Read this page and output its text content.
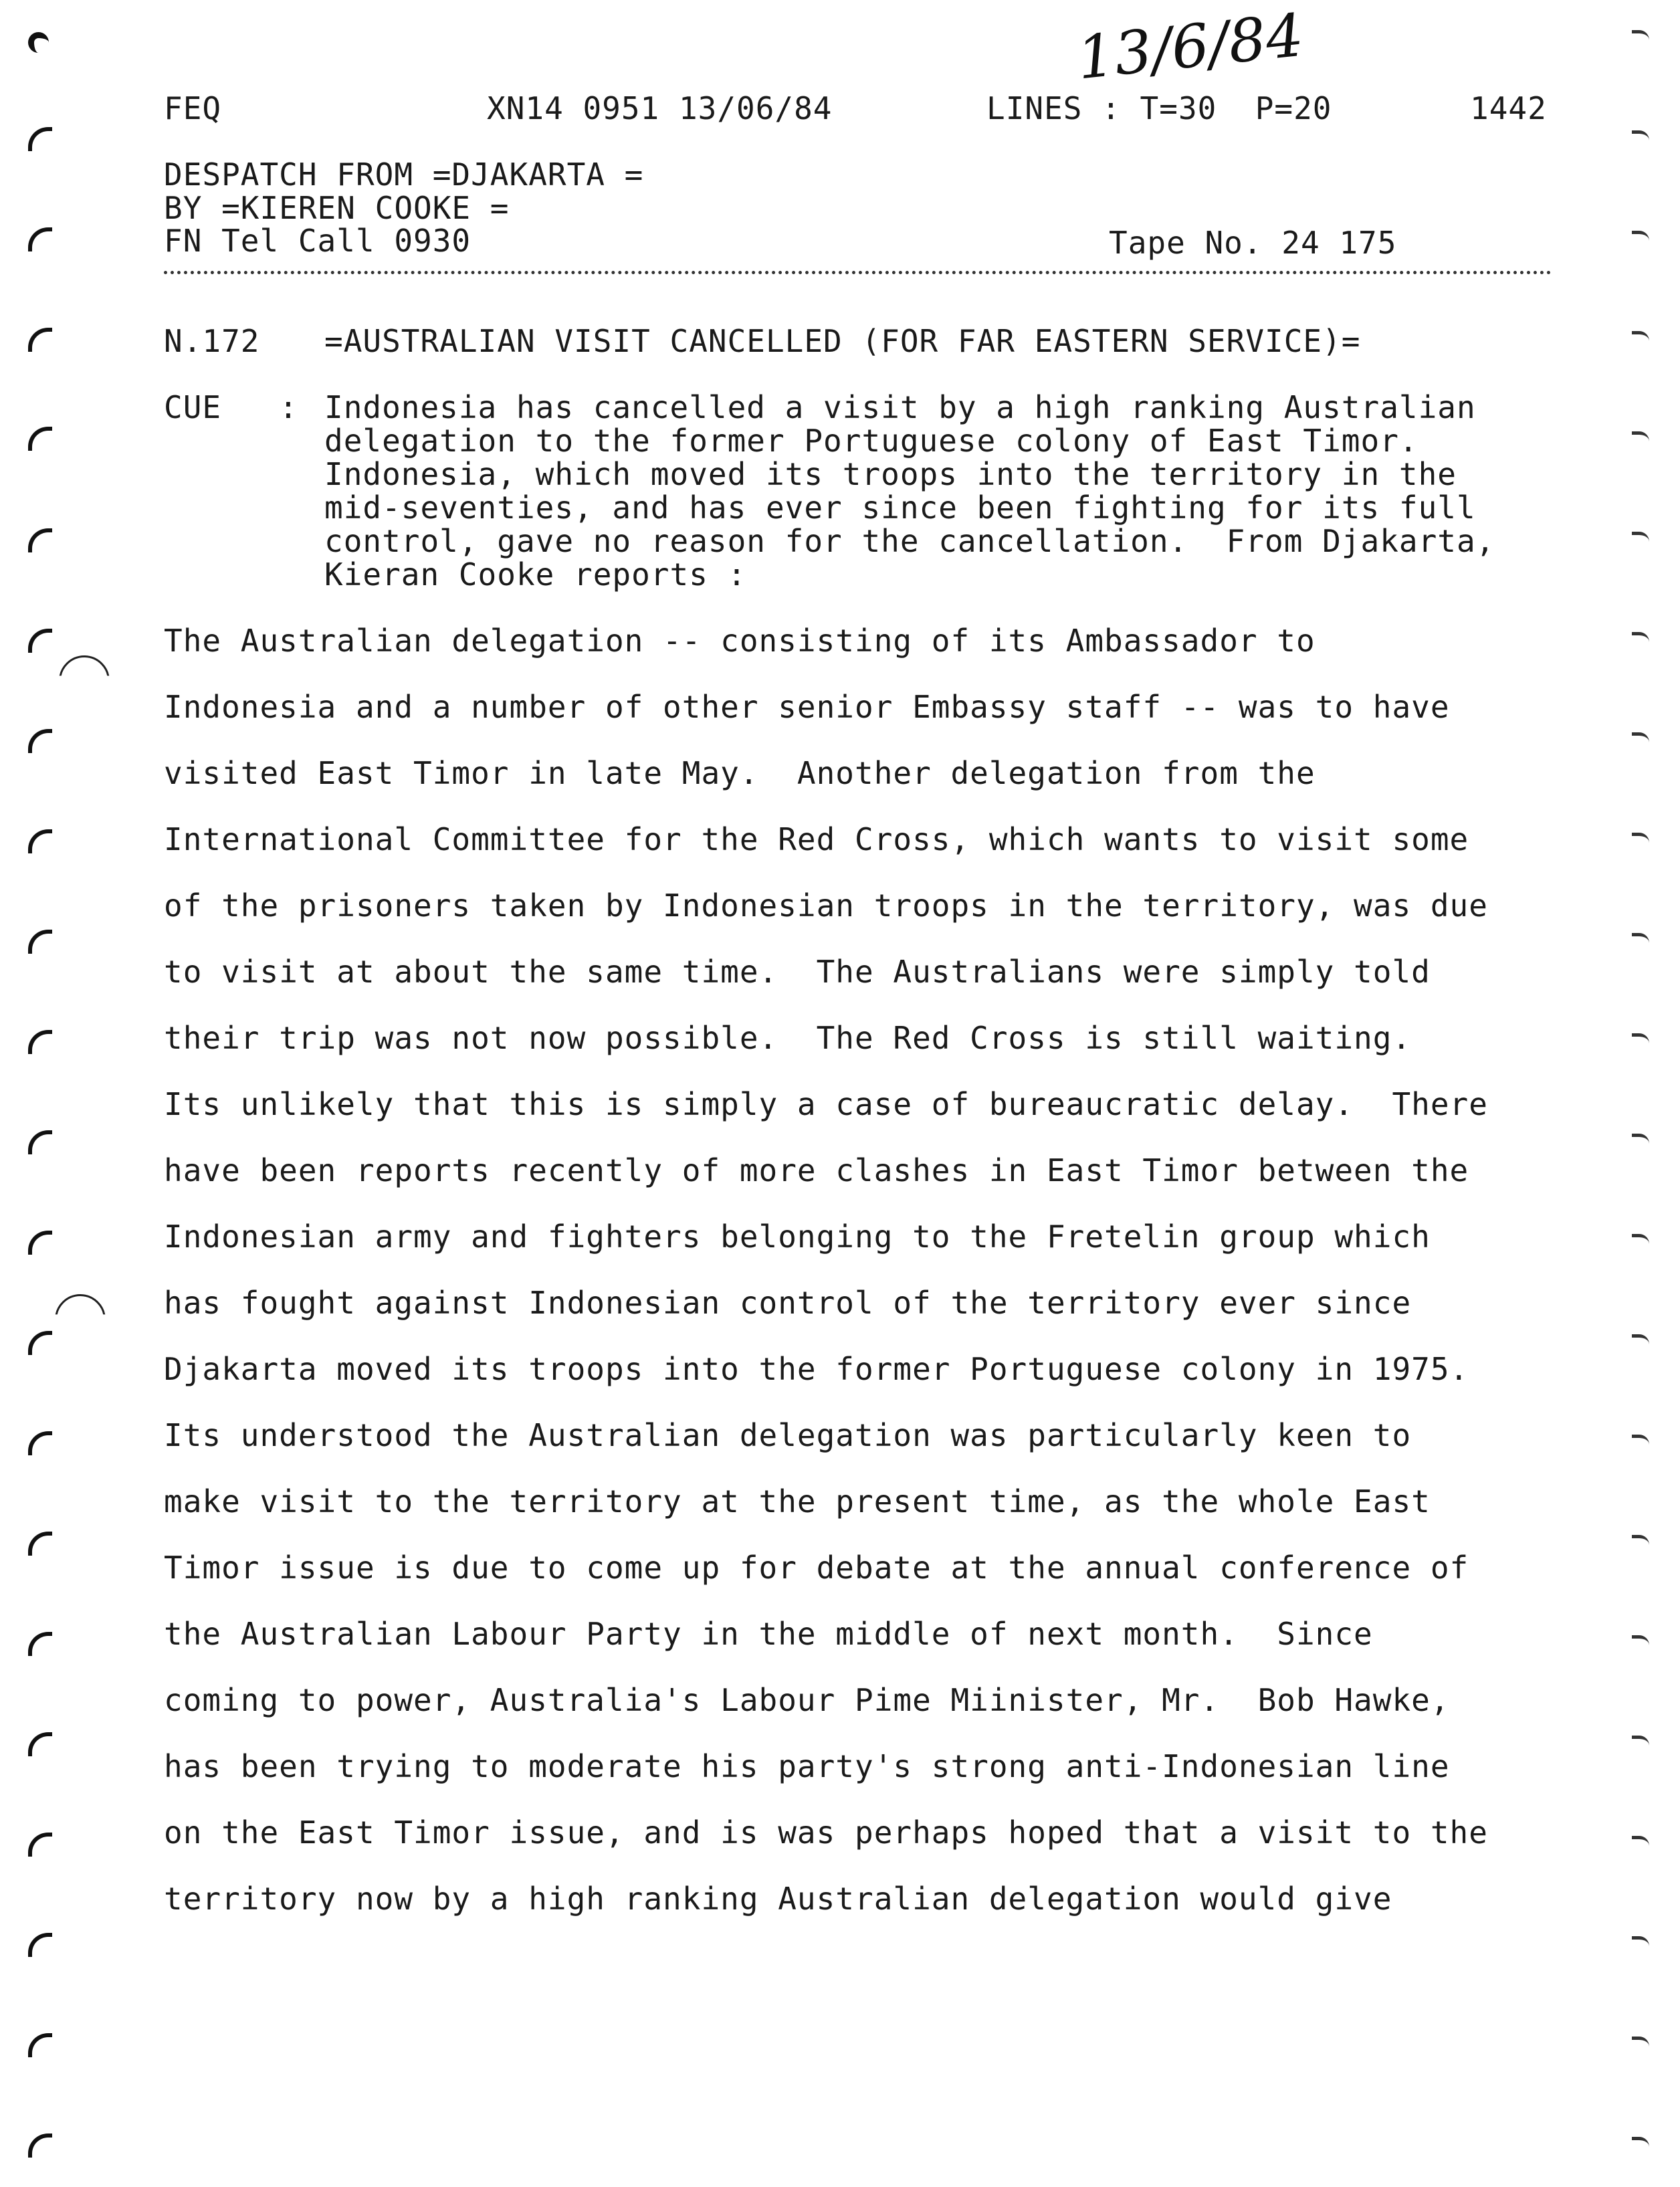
13/6/84
FEQ	XN14 0951 13/06/84	LINES : T=30  P=20	1442
DESPATCH FROM =DJAKARTA =
BY =KIEREN COOKE =
FN Tel Call 0930	Tape No. 24 175
N.172 =AUSTRALIAN VISIT CANCELLED (FOR FAR EASTERN SERVICE)=
CUE   : Indonesia has cancelled a visit by a high ranking Australian
delegation to the former Portuguese colony of East Timor.
Indonesia, which moved its troops into the territory in the
mid-seventies, and has ever since been fighting for its full
control, gave no reason for the cancellation.  From Djakarta,
Kieran Cooke reports :
The Australian delegation -- consisting of its Ambassador to
Indonesia and a number of other senior Embassy staff -- was to have
visited East Timor in late May.  Another delegation from the
International Committee for the Red Cross, which wants to visit some
of the prisoners taken by Indonesian troops in the territory, was due
to visit at about the same time.  The Australians were simply told
their trip was not now possible.  The Red Cross is still waiting.
Its unlikely that this is simply a case of bureaucratic delay.  There
have been reports recently of more clashes in East Timor between the
Indonesian army and fighters belonging to the Fretelin group which
has fought against Indonesian control of the territory ever since
Djakarta moved its troops into the former Portuguese colony in 1975.
Its understood the Australian delegation was particularly keen to
make visit to the territory at the present time, as the whole East
Timor issue is due to come up for debate at the annual conference of
the Australian Labour Party in the middle of next month.  Since
coming to power, Australia's Labour Pime Miinister, Mr.  Bob Hawke,
has been trying to moderate his party's strong anti-Indonesian line
on the East Timor issue, and is was perhaps hoped that a visit to the
territory now by a high ranking Australian delegation would give
